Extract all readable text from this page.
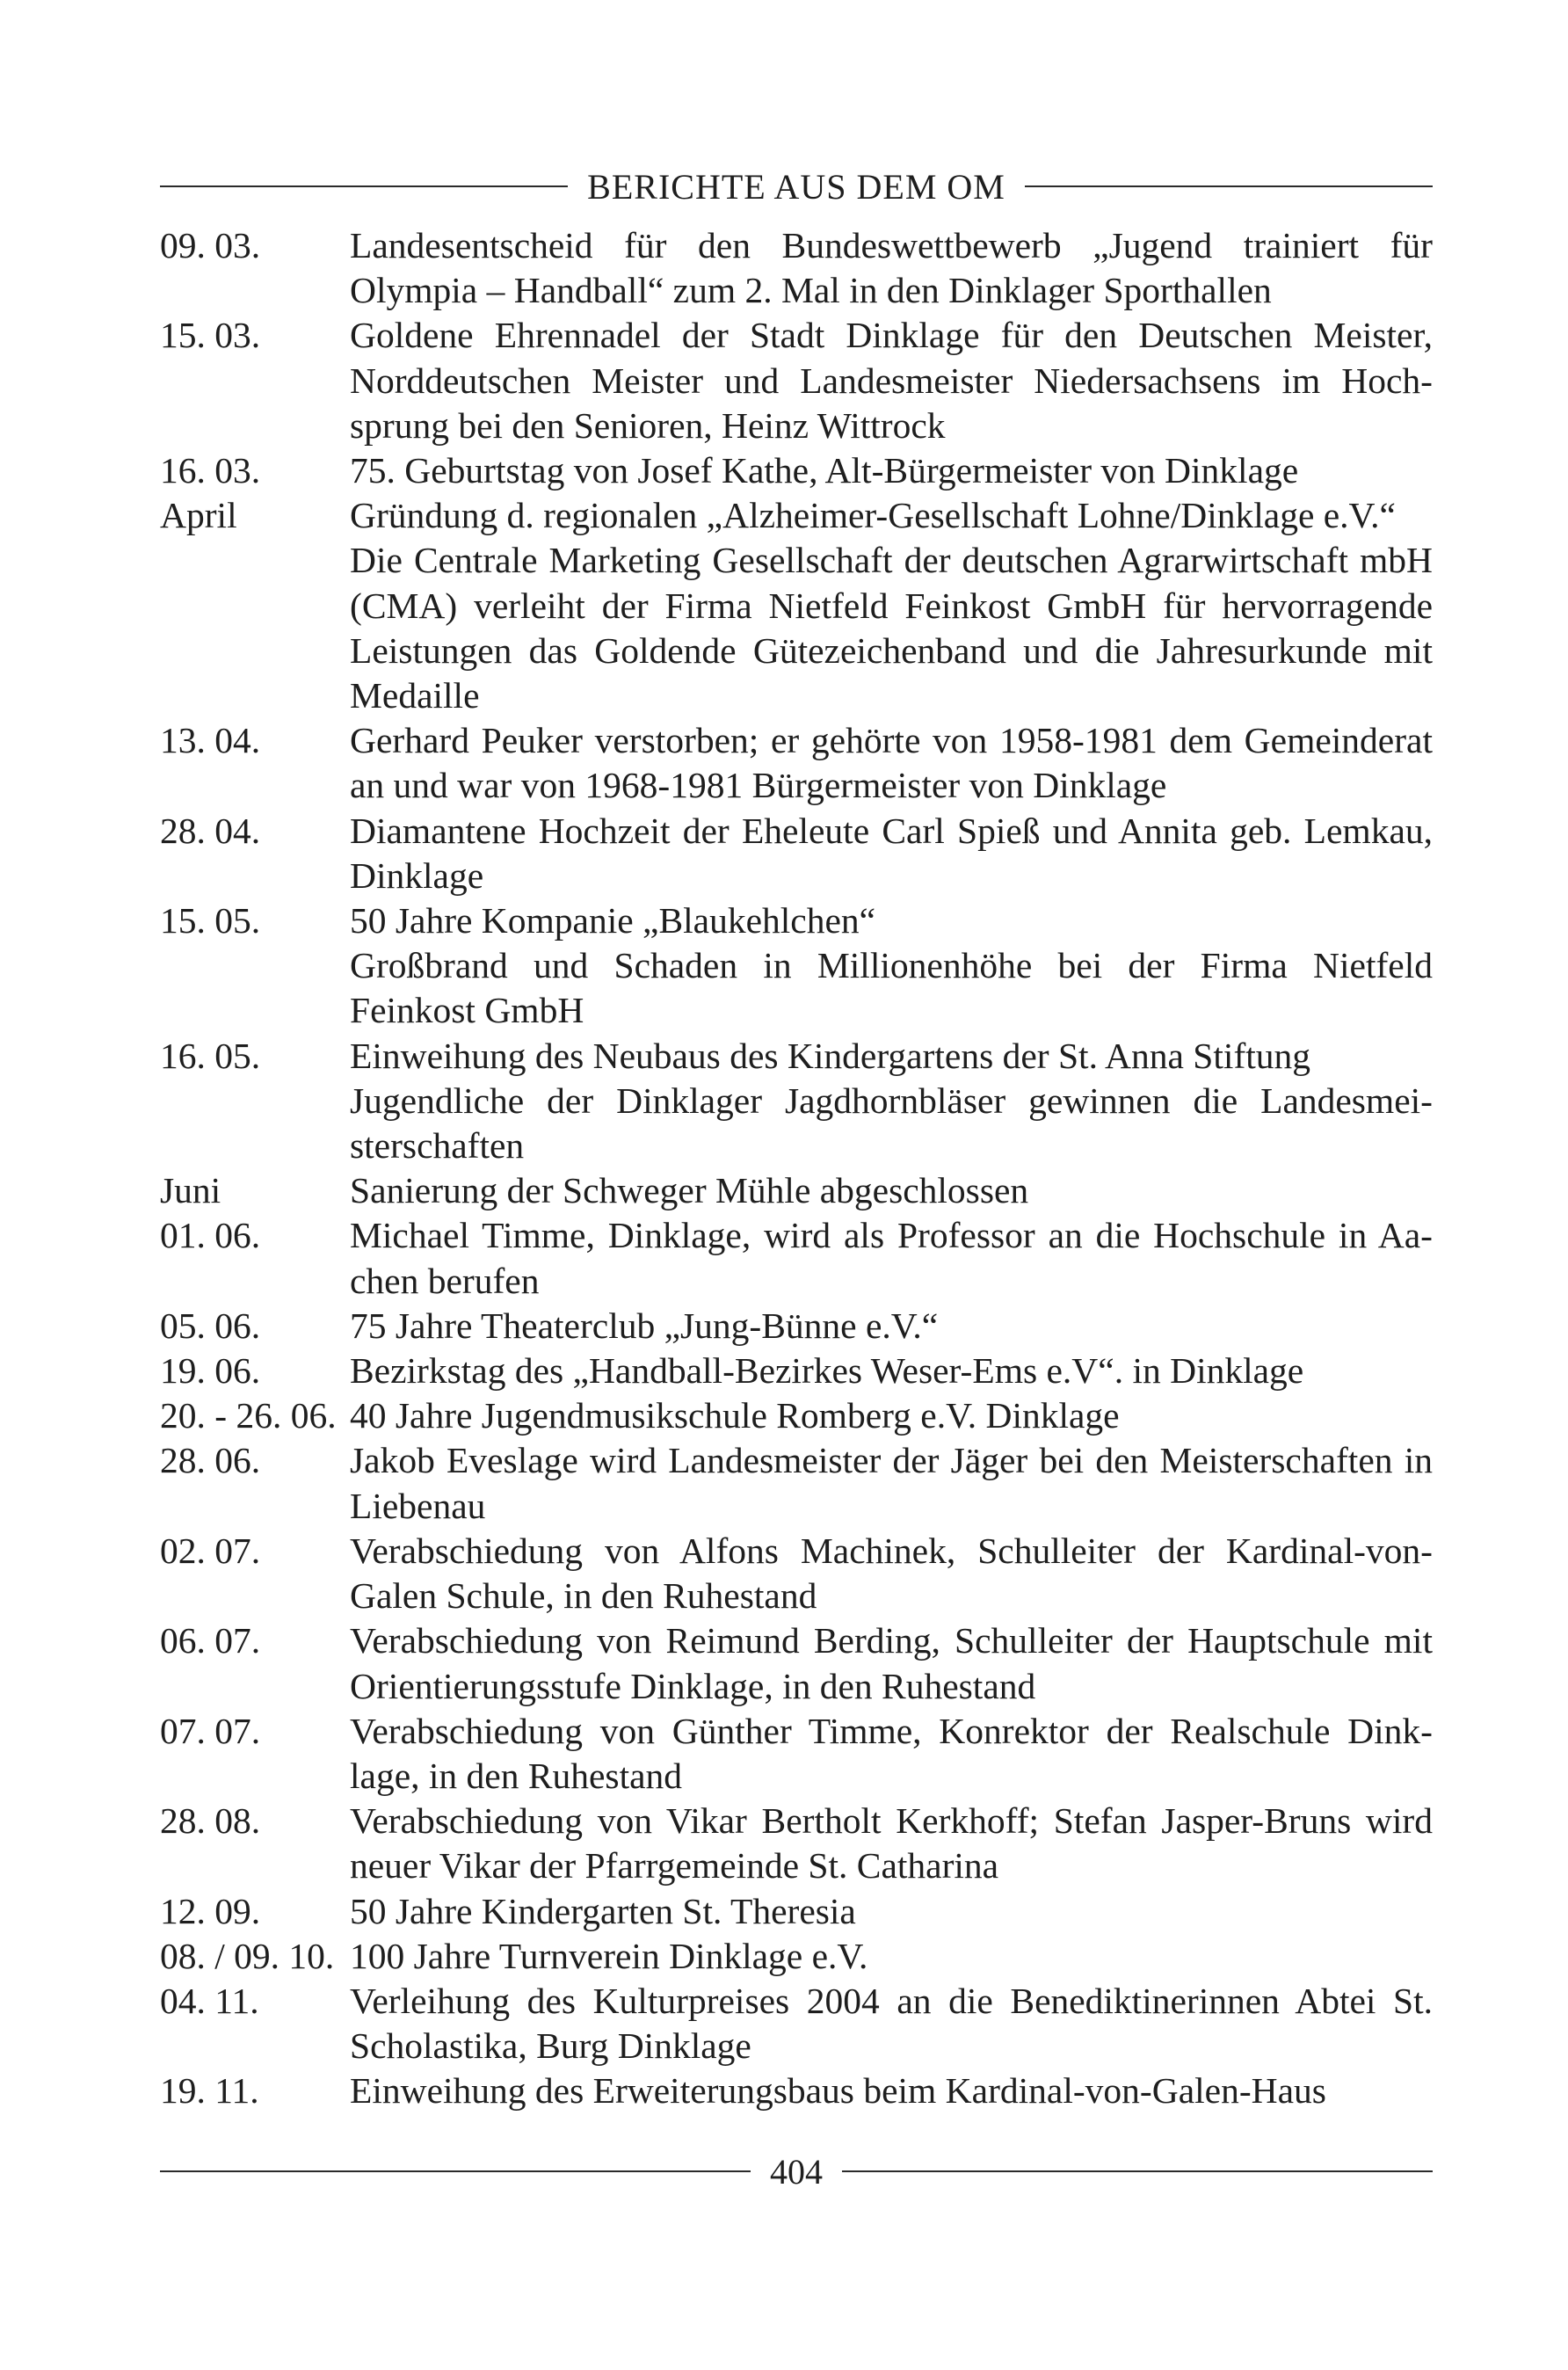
BERICHTE AUS DEM OM
09. 03. Landesentscheid für den Bundeswettbewerb „Jugend trainiert für Olympia – Handball“ zum 2. Mal in den Dinklager Sporthallen
15. 03. Goldene Ehrennadel der Stadt Dinklage für den Deutschen Meister, Norddeutschen Meister und Landesmeister Niedersachsens im Hochsprung bei den Senioren, Heinz Wittrock
16. 03. 75. Geburtstag von Josef Kathe, Alt-Bürgermeister von Dinklage
April	Gründung d. regionalen „Alzheimer-Gesellschaft Lohne/Dinklage e.V.“
Die Centrale Marketing Gesellschaft der deutschen Agrarwirtschaft mbH (CMA) verleiht der Firma Nietfeld Feinkost GmbH für hervorragende Leistungen das Goldende Gütezeichenband und die Jahresurkunde mit Medaille
13. 04. Gerhard Peuker verstorben; er gehörte von 1958-1981 dem Gemeinderat an und war von 1968-1981 Bürgermeister von Dinklage
28. 04. Diamantene Hochzeit der Eheleute Carl Spieß und Annita geb. Lemkau, Dinklage
15. 05. 50 Jahre Kompanie „Blaukehlchen“
Großbrand und Schaden in Millionenhöhe bei der Firma Nietfeld Feinkost GmbH
16. 05. Einweihung des Neubaus des Kindergartens der St. Anna Stiftung
Jugendliche der Dinklager Jagdhornbläser gewinnen die Landesmeisterschaften
Juni	Sanierung der Schweger Mühle abgeschlossen
01. 06. Michael Timme, Dinklage, wird als Professor an die Hochschule in Aachen berufen
05. 06. 75 Jahre Theaterclub „Jung-Bünne e.V.“
19. 06. Bezirkstag des „Handball-Bezirkes Weser-Ems e.V“. in Dinklage
20. - 26. 06. 40 Jahre Jugendmusikschule Romberg e.V. Dinklage
28. 06. Jakob Eveslage wird Landesmeister der Jäger bei den Meisterschaften in Liebenau
02. 07. Verabschiedung von Alfons Machinek, Schulleiter der Kardinal-von-Galen Schule, in den Ruhestand
06. 07. Verabschiedung von Reimund Berding, Schulleiter der Hauptschule mit Orientierungsstufe Dinklage, in den Ruhestand
07. 07. Verabschiedung von Günther Timme, Konrektor der Realschule Dinklage, in den Ruhestand
28. 08. Verabschiedung von Vikar Bertholt Kerkhoff; Stefan Jasper-Bruns wird neuer Vikar der Pfarrgemeinde St. Catharina
12. 09. 50 Jahre Kindergarten St. Theresia
08. / 09. 10. 100 Jahre Turnverein Dinklage e.V.
04. 11. Verleihung des Kulturpreises 2004 an die Benediktinerinnen Abtei St. Scholastika, Burg Dinklage
19. 11. Einweihung des Erweiterungsbaus beim Kardinal-von-Galen-Haus
404
